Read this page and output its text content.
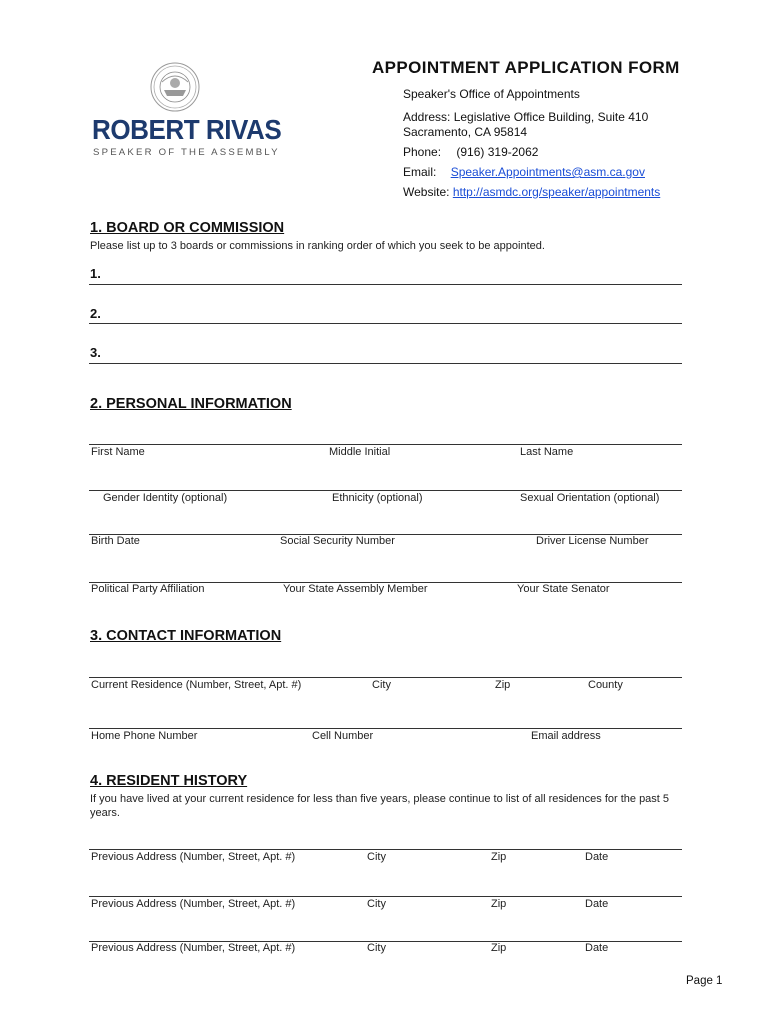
ROBERT RIVAS
SPEAKER OF THE ASSEMBLY
APPOINTMENT APPLICATION FORM
Speaker's Office of Appointments
Address: Legislative Office Building, Suite 410
Sacramento, CA 95814
Phone: (916) 319-2062
Email: Speaker.Appointments@asm.ca.gov
Website: http://asmdc.org/speaker/appointments
1. BOARD OR COMMISSION
Please list up to 3 boards or commissions in ranking order of which you seek to be appointed.
1.
2.
3.
2. PERSONAL INFORMATION
First Name	Middle Initial	Last Name
Gender Identity (optional)	Ethnicity (optional)	Sexual Orientation (optional)
Birth Date	Social Security Number	Driver License Number
Political Party Affiliation	Your State Assembly Member	Your State Senator
3. CONTACT INFORMATION
Current Residence (Number, Street, Apt. #)	City	Zip	County
Home Phone Number	Cell Number	Email address
4. RESIDENT HISTORY
If you have lived at your current residence for less than five years, please continue to list of all residences for the past 5 years.
Previous Address (Number, Street, Apt. #)	City	Zip	Date
Previous Address (Number, Street, Apt. #)	City	Zip	Date
Previous Address (Number, Street, Apt. #)	City	Zip	Date
Page 1
